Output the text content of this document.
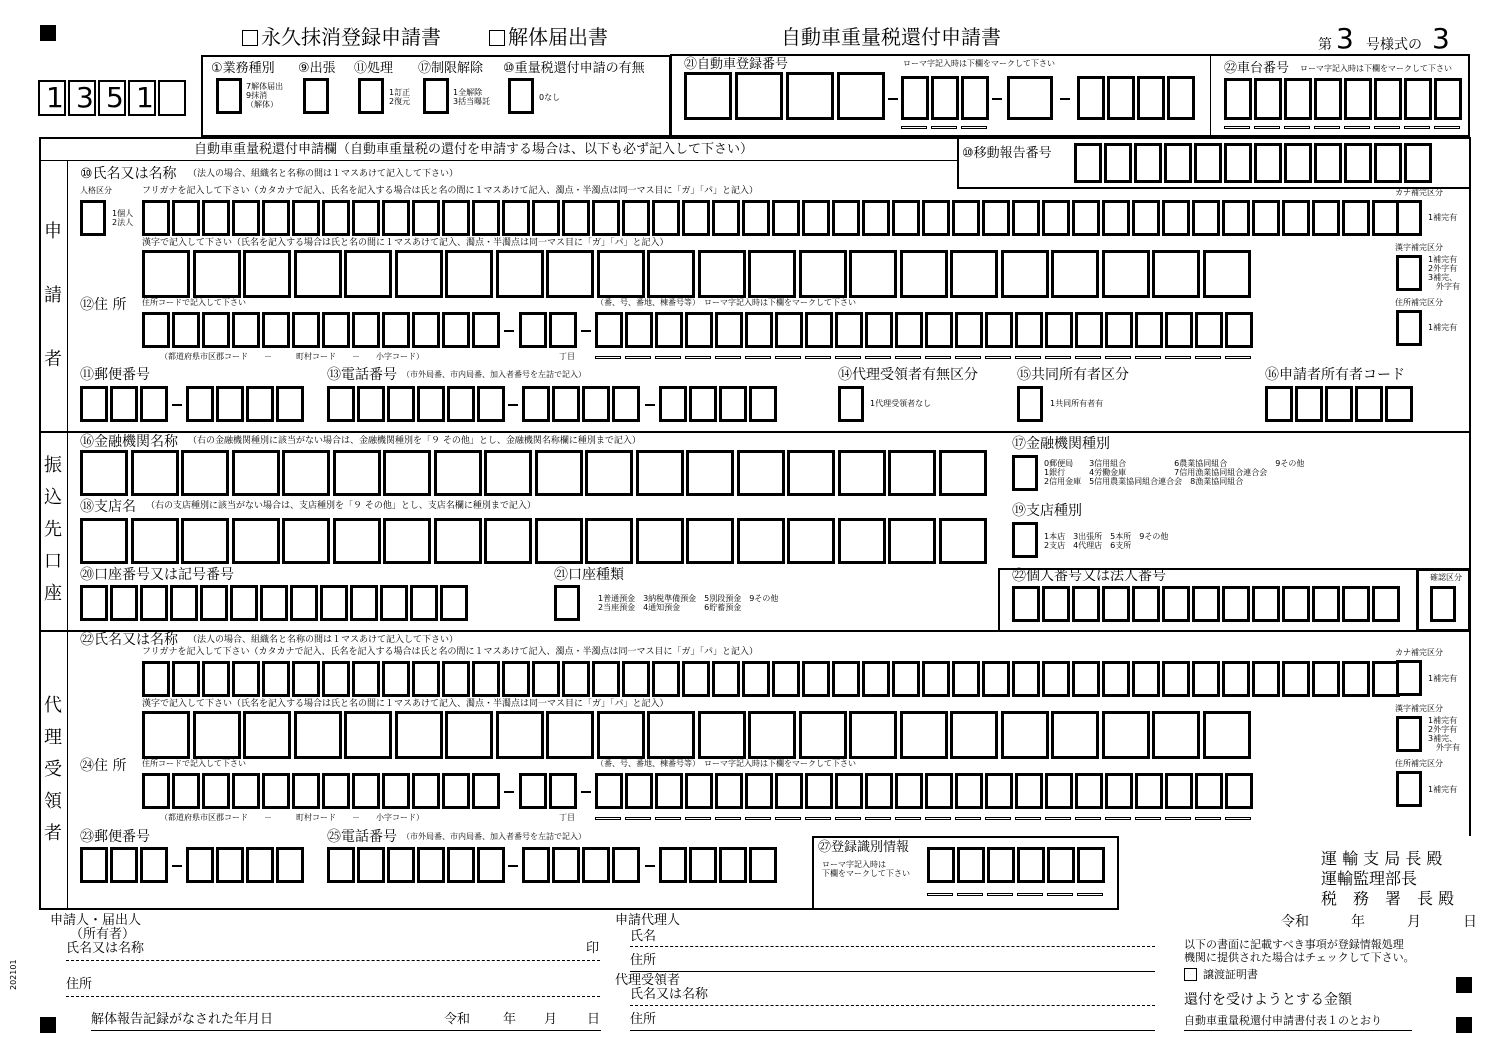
永久抹消登録申請書	解体届出書	自動車重量税還付申請書	第 3 号様式の 3
1 3 5 1
①業務種別
7解体届出
9抹消
（解体）
⑨出張 ⑪処理
1訂正
2復元
⑰制限解除
1全解除
3括当曝託
⑩重量税還付申請の有無
0なし
㉑自動車登録番号	ローマ字記入時は下欄をマークして下さい	㉒車台番号 ローマ字記入時は下欄をマークして下さい
自動車重量税還付申請欄（自動車重量税の還付を申請する場合は、以下も必ず記入して下さい）	⑩移動報告番号
申
請
者
振
込
先
口
座
代
理
受
領
者
⑩氏名又は名称 （法人の場合、組織名と名称の間は１マスあけて記入して下さい）
人格区分
1個人
2法人
フリガナを記入して下さい（カタカナで記入、氏名を記入する場合は氏と名の間に１マスあけて記入、濁点・半濁点は同一マス目に「ガ」「パ」と記入）
漢字で記入して下さい（氏名を記入する場合は氏と名の間に１マスあけて記入、濁点・半濁点は同一マス目に「ガ」「パ」と記入）
カナ補完区分
1補完有
漢字補完区分
1補完有
2外字有
3補完、
　外字有
⑫住 所 住所コードで記入して下さい	（番、号、番地、棟番号等）　ローマ字記入時は下欄をマークして下さい
（都道府県市区郡コード　　－　　　町村コード　　－　　小字コード）	丁目
住所補完区分
1補完有
⑪郵便番号	⑬電話番号 （市外局番、市内局番、加入者番号を左詰で記入）	⑭代理受領者有無区分
1代理受領者なし
⑮共同所有者区分
1共同所有者有
⑯申請者所有者コード
⑯金融機関名称 （右の金融機関種別に該当がない場合は、金融機関種別を「９ その他」とし、金融機関名称欄に種別まで記入）	⑰金融機関種別
0郵便局　　3信用組合　　　　　　6農業協同組合　　　　　　9その他
1銀行　　　4労働金庫　　　　　　7信用漁業協同組合連合会
2信用金庫　5信用農業協同組合連合会　8漁業協同組合
⑱支店名 （右の支店種別に該当がない場合は、支店種別を「９ その他」とし、支店名欄に種別まで記入）	⑲支店種別
1本店　3出張所　5本所　9その他
2支店　4代理店　6支所
⑳口座番号又は記号番号	㉑口座種類
1普通預金　3納税準備預金　5別段預金　9その他
2当座預金　4通知預金　　　6貯蓄預金
㉒個人番号又は法人番号	確認区分
㉒氏名又は名称 （法人の場合、組織名と名称の間は１マスあけて記入して下さい）
フリガナを記入して下さい（カタカナで記入、氏名を記入する場合は氏と名の間に１マスあけて記入、濁点・半濁点は同一マス目に「ガ」「パ」と記入）
漢字で記入して下さい（氏名を記入する場合は氏と名の間に１マスあけて記入、濁点・半濁点は同一マス目に「ガ」「パ」と記入）
カナ補完区分
1補完有
漢字補完区分
1補完有
2外字有
3補完、
　外字有
㉔住 所 住所コードで記入して下さい	（番、号、番地、棟番号等）　ローマ字記入時は下欄をマークして下さい
（都道府県市区郡コード　　－　　　町村コード　　－　　小字コード）	丁目
住所補完区分
1補完有
㉓郵便番号	㉕電話番号 （市外局番、市内局番、加入者番号を左詰で記入）
㉗登録識別情報
ローマ字記入時は
下欄をマークして下さい
運 輸 支 局 長 殿
運輸監理部長
税　務　署　長 殿
申請人・届出人
（所有者）
氏名又は名称	印
住所
解体報告記録がなされた年月日	令和	年 月 日
202101
申請代理人
氏名
住所
代理受領者
氏名又は名称
住所
令和　　　年　　　月　　　日
以下の書面に記載すべき事項が登録情報処理
機関に提供された場合はチェックして下さい。
譲渡証明書
還付を受けようとする金額
自動車重量税還付申請書付表１のとおり
